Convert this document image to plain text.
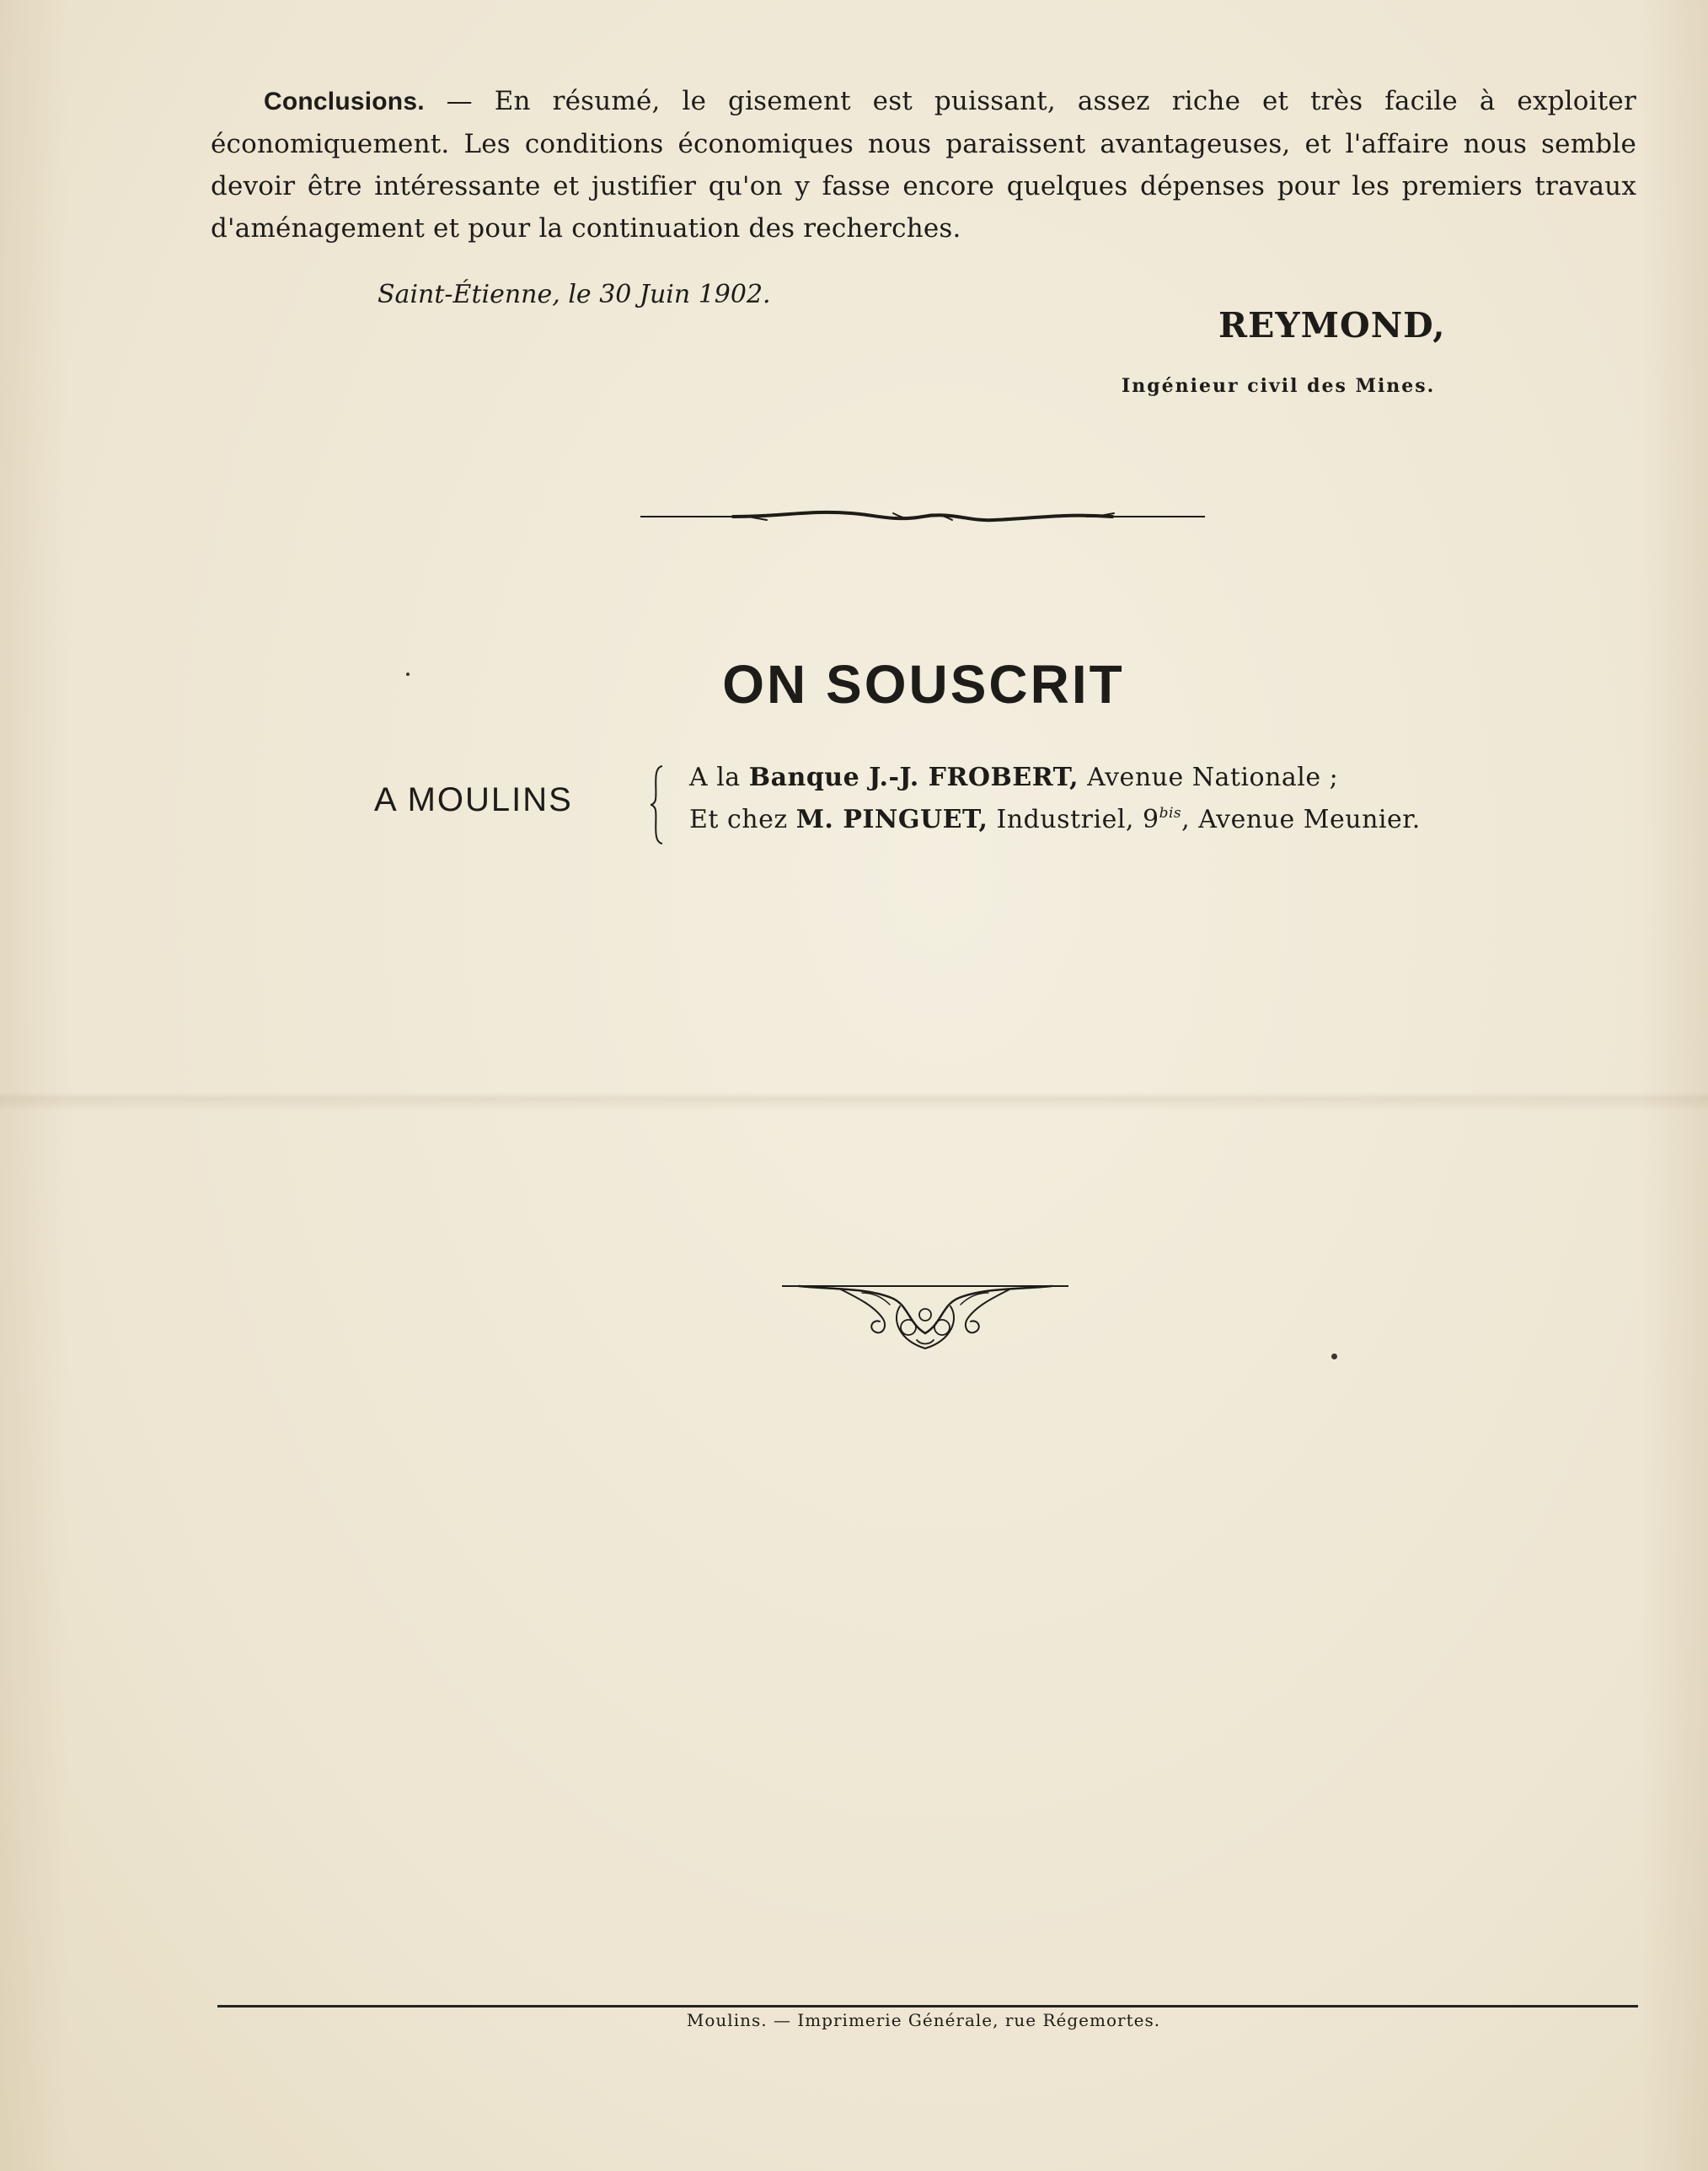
Conclusions. — En résumé, le gisement est puissant, assez riche et très facile à exploiter économiquement. Les conditions économiques nous paraissent avantageuses, et l'affaire nous semble devoir être intéressante et justifier qu'on y fasse encore quelques dépenses pour les premiers travaux d'aménagement et pour la continuation des recherches.

Saint-Étienne, le 30 Juin 1902.
REYMOND,
Ingénieur civil des Mines.
ON SOUSCRIT
A MOULINS
A la Banque J.-J. FROBERT, Avenue Nationale ;
Et chez M. PINGUET, Industriel, $9^{bis}$, Avenue Meunier.
Moulins. — Imprimerie Générale, rue Régemortes.
